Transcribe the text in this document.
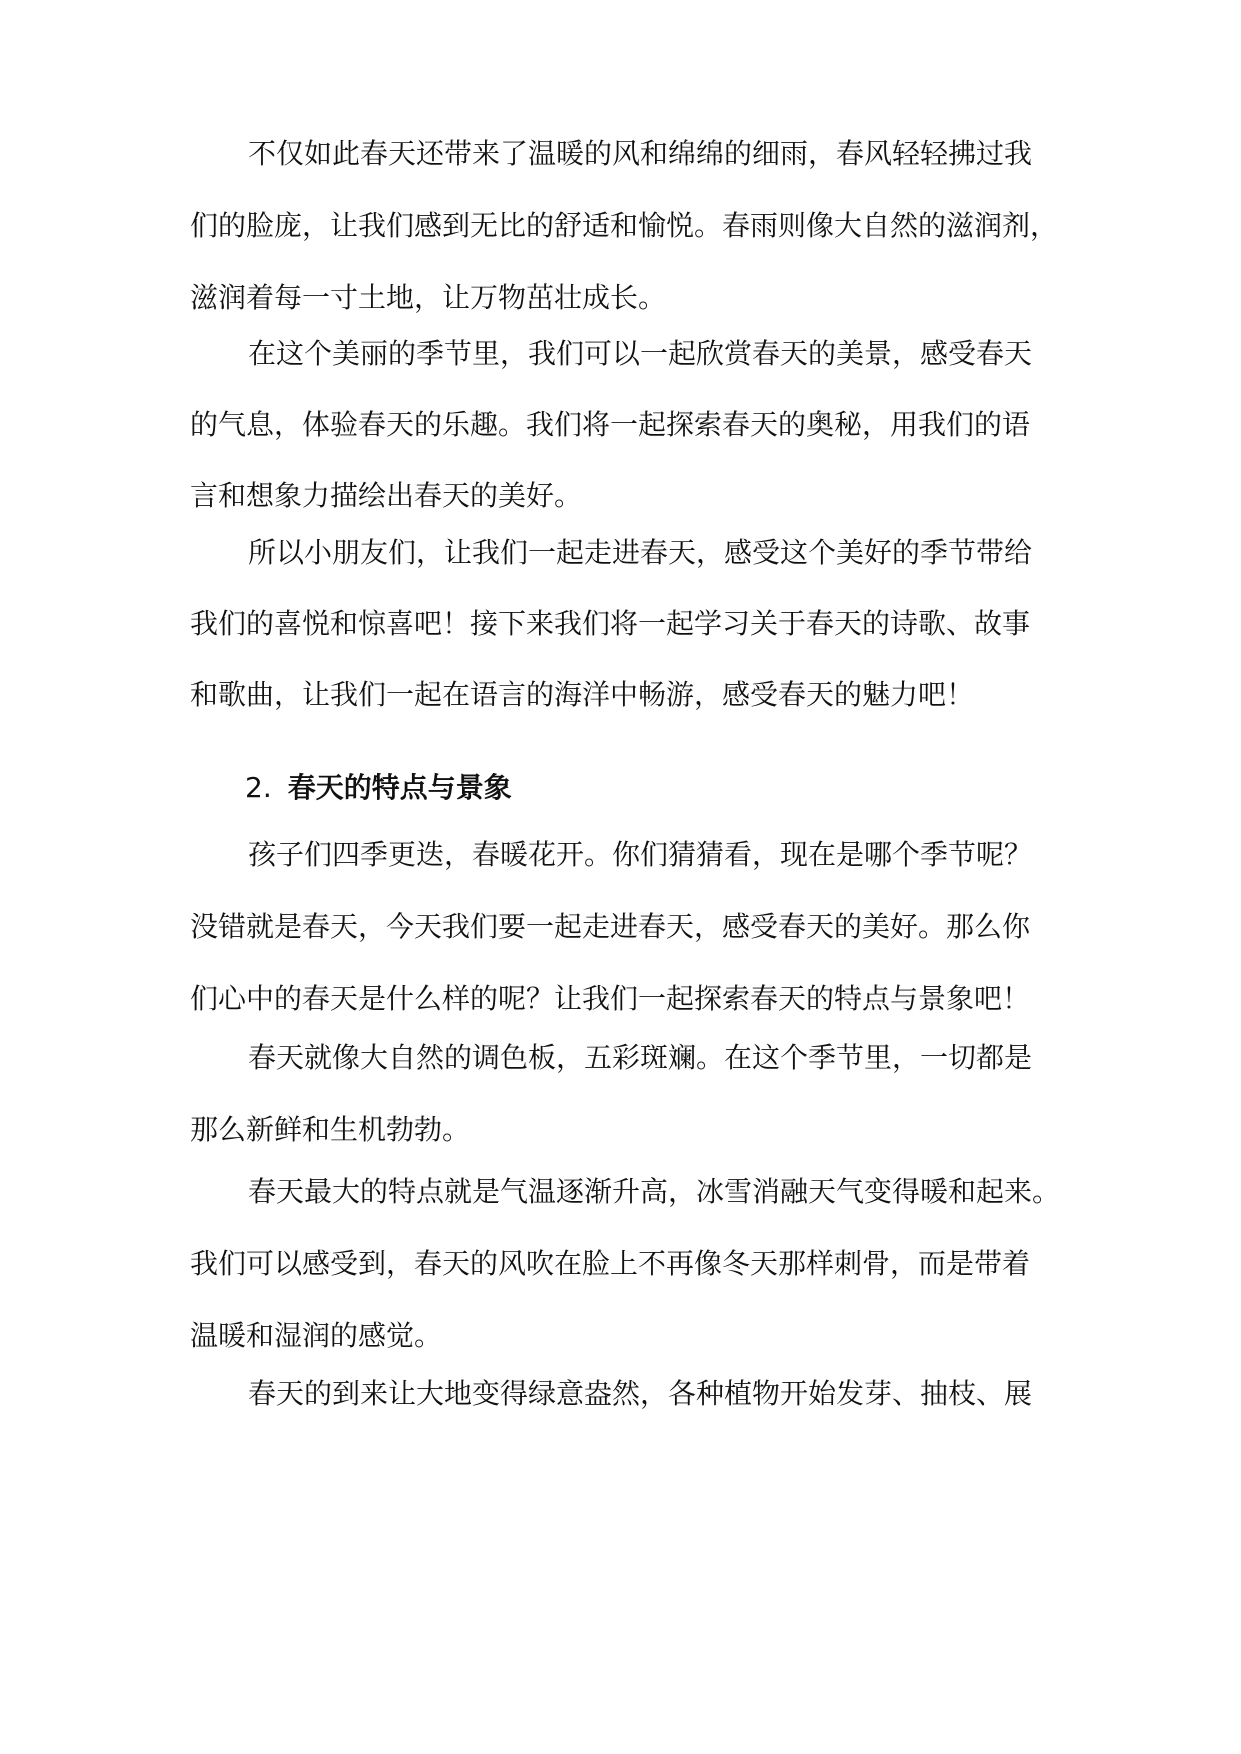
不仅如此春天还带来了温暖的风和绵绵的细雨，春风轻轻拂过我
们的脸庞，让我们感到无比的舒适和愉悦。春雨则像大自然的滋润剂，
滋润着每一寸土地，让万物茁壮成长。
在这个美丽的季节里，我们可以一起欣赏春天的美景，感受春天
的气息，体验春天的乐趣。我们将一起探索春天的奥秘，用我们的语
言和想象力描绘出春天的美好。
所以小朋友们，让我们一起走进春天，感受这个美好的季节带给
我们的喜悦和惊喜吧！接下来我们将一起学习关于春天的诗歌、故事
和歌曲，让我们一起在语言的海洋中畅游，感受春天的魅力吧！
2. 春天的特点与景象
孩子们四季更迭，春暖花开。你们猜猜看，现在是哪个季节呢？
没错就是春天，今天我们要一起走进春天，感受春天的美好。那么你
们心中的春天是什么样的呢？让我们一起探索春天的特点与景象吧！
春天就像大自然的调色板，五彩斑斓。在这个季节里，一切都是
那么新鲜和生机勃勃。
春天最大的特点就是气温逐渐升高，冰雪消融天气变得暖和起来。
我们可以感受到，春天的风吹在脸上不再像冬天那样刺骨，而是带着
温暖和湿润的感觉。
春天的到来让大地变得绿意盎然，各种植物开始发芽、抽枝、展
